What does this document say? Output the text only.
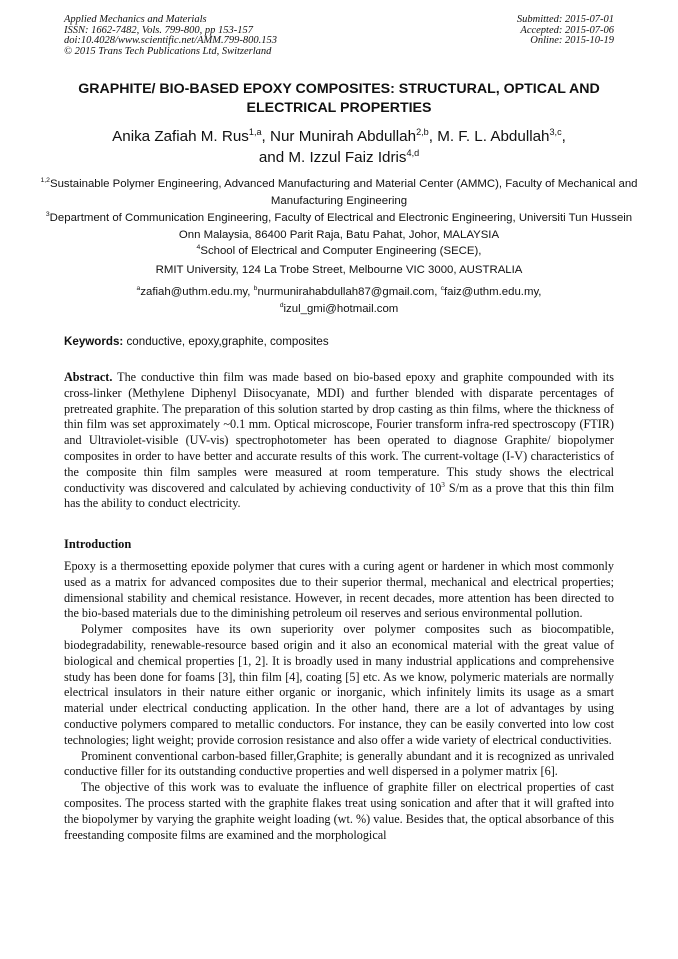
Applied Mechanics and Materials
ISSN: 1662-7482, Vols. 799-800, pp 153-157
doi:10.4028/www.scientific.net/AMM.799-800.153
© 2015 Trans Tech Publications Ltd, Switzerland
Submitted: 2015-07-01
Accepted: 2015-07-06
Online: 2015-10-19
GRAPHITE/ BIO-BASED EPOXY COMPOSITES: STRUCTURAL, OPTICAL AND ELECTRICAL PROPERTIES
Anika Zafiah M. Rus$^{1,a}$, Nur Munirah Abdullah$^{2,b}$, M. F. L. Abdullah$^{3,c}$,
and M. Izzul Faiz Idris$^{4,d}$
$^{1,2}$Sustainable Polymer Engineering, Advanced Manufacturing and Material Center (AMMC), Faculty of Mechanical and Manufacturing Engineering
$^3$Department of Communication Engineering, Faculty of Electrical and Electronic Engineering, Universiti Tun Hussein Onn Malaysia, 86400 Parit Raja, Batu Pahat, Johor, MALAYSIA
$^4$School of Electrical and Computer Engineering (SECE),
RMIT University, 124 La Trobe Street, Melbourne VIC 3000, AUSTRALIA
$^a$zafiah@uthm.edu.my, $^b$nurmunirahabdullah87@gmail.com, $^c$faiz@uthm.edu.my,
$^d$izul_gmi@hotmail.com
Keywords: conductive, epoxy,graphite, composites

Abstract. The conductive thin film was made based on bio-based epoxy and graphite compounded with its cross-linker (Methylene Diphenyl Diisocyanate, MDI) and further blended with disparate percentages of pretreated graphite. The preparation of this solution started by drop casting as thin films, where the thickness of thin film was set approximately ~0.1 mm. Optical microscope, Fourier transform infra-red spectroscopy (FTIR) and Ultraviolet-visible (UV-vis) spectrophotometer has been operated to diagnose Graphite/ biopolymer composites in order to have better and accurate results of this work. The current-voltage (I-V) characteristics of the composite thin film samples were measured at room temperature. This study shows the electrical conductivity was discovered and calculated by achieving conductivity of $10^3$ S/m as a prove that this thin film has the ability to conduct electricity.

Introduction

Epoxy is a thermosetting epoxide polymer that cures with a curing agent or hardener in which most commonly used as a matrix for advanced composites due to their superior thermal, mechanical and electrical properties; dimensional stability and chemical resistance. However, in recent decades, more attention has been directed to the bio-based materials due to the diminishing petroleum oil reserves and serious environmental pollution.

Polymer composites have its own superiority over polymer composites such as biocompatible, biodegradability, renewable-resource based origin and it also an economical material with the great value of biological and chemical properties [1, 2]. It is broadly used in many industrial applications and comprehensive study has been done for foams [3], thin film [4], coating [5] etc. As we know, polymeric materials are normally electrical insulators in their nature either organic or inorganic, which infinitely limits its usage as a smart material under electrical conducting application. In the other hand, there are a lot of advantages by using conductive polymers compared to metallic conductors. For instance, they can be easily converted into low cost technologies; light weight; provide corrosion resistance and also offer a wide variety of electrical conductivities.

Prominent conventional carbon-based filler,Graphite; is generally abundant and it is recognized as unrivaled conductive filler for its outstanding conductive properties and well dispersed in a polymer matrix [6].

The objective of this work was to evaluate the influence of graphite filler on electrical properties of cast composites. The process started with the graphite flakes treat using sonication and after that it will grafted into the biopolymer by varying the graphite weight loading (wt. %) value. Besides that, the optical absorbance of this freestanding composite films are examined and the morphological
